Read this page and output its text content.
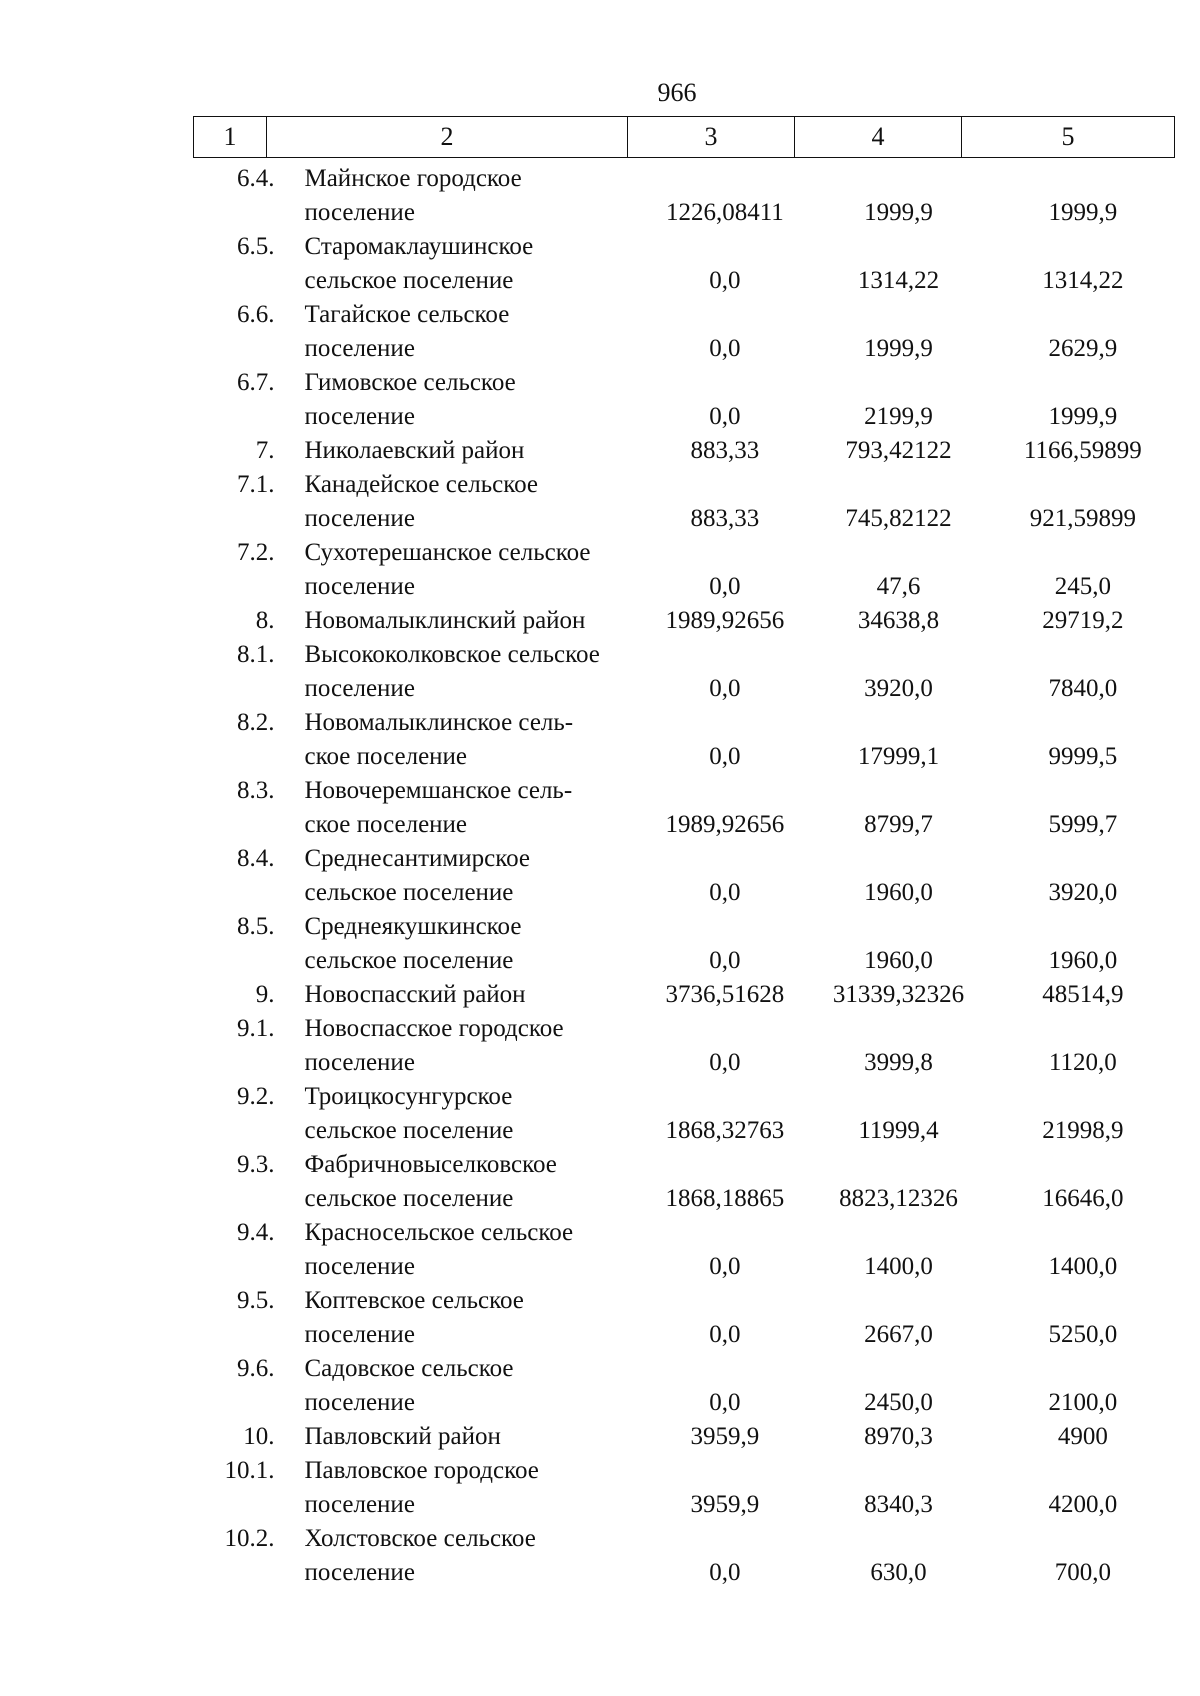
966
1	2	3	4	5
6.4. Майнское городское
поселение	1226,08411	1999,9	1999,9
6.5. Старомаклаушинское
сельское поселение	0,0	1314,22	1314,22
6.6. Тагайское сельское
поселение	0,0	1999,9	2629,9
6.7. Гимовское сельское
поселение	0,0	2199,9	1999,9
7. Николаевский район	883,33	793,42122	1166,59899
7.1. Канадейское сельское
поселение	883,33	745,82122	921,59899
7.2. Сухотерешанское сельское
поселение	0,0	47,6	245,0
8. Новомалыклинский район	1989,92656	34638,8	29719,2
8.1. Высококолковское сельское
поселение	0,0	3920,0	7840,0
8.2. Новомалыклинское сель-
ское поселение	0,0	17999,1	9999,5
8.3. Новочеремшанское сель-
ское поселение	1989,92656	8799,7	5999,7
8.4. Среднесантимирское
сельское поселение	0,0	1960,0	3920,0
8.5. Среднеякушкинское
сельское поселение	0,0	1960,0	1960,0
9. Новоспасский район	3736,51628	31339,32326	48514,9
9.1. Новоспасское городское
поселение	0,0	3999,8	1120,0
9.2. Троицкосунгурское
сельское поселение	1868,32763	11999,4	21998,9
9.3. Фабричновыселковское
сельское поселение	1868,18865	8823,12326	16646,0
9.4. Красносельское сельское
поселение	0,0	1400,0	1400,0
9.5. Коптевское сельское
поселение	0,0	2667,0	5250,0
9.6. Садовское сельское
поселение	0,0	2450,0	2100,0
10. Павловский район	3959,9	8970,3	4900
10.1. Павловское городское
поселение	3959,9	8340,3	4200,0
10.2. Холстовское сельское
поселение	0,0	630,0	700,0
